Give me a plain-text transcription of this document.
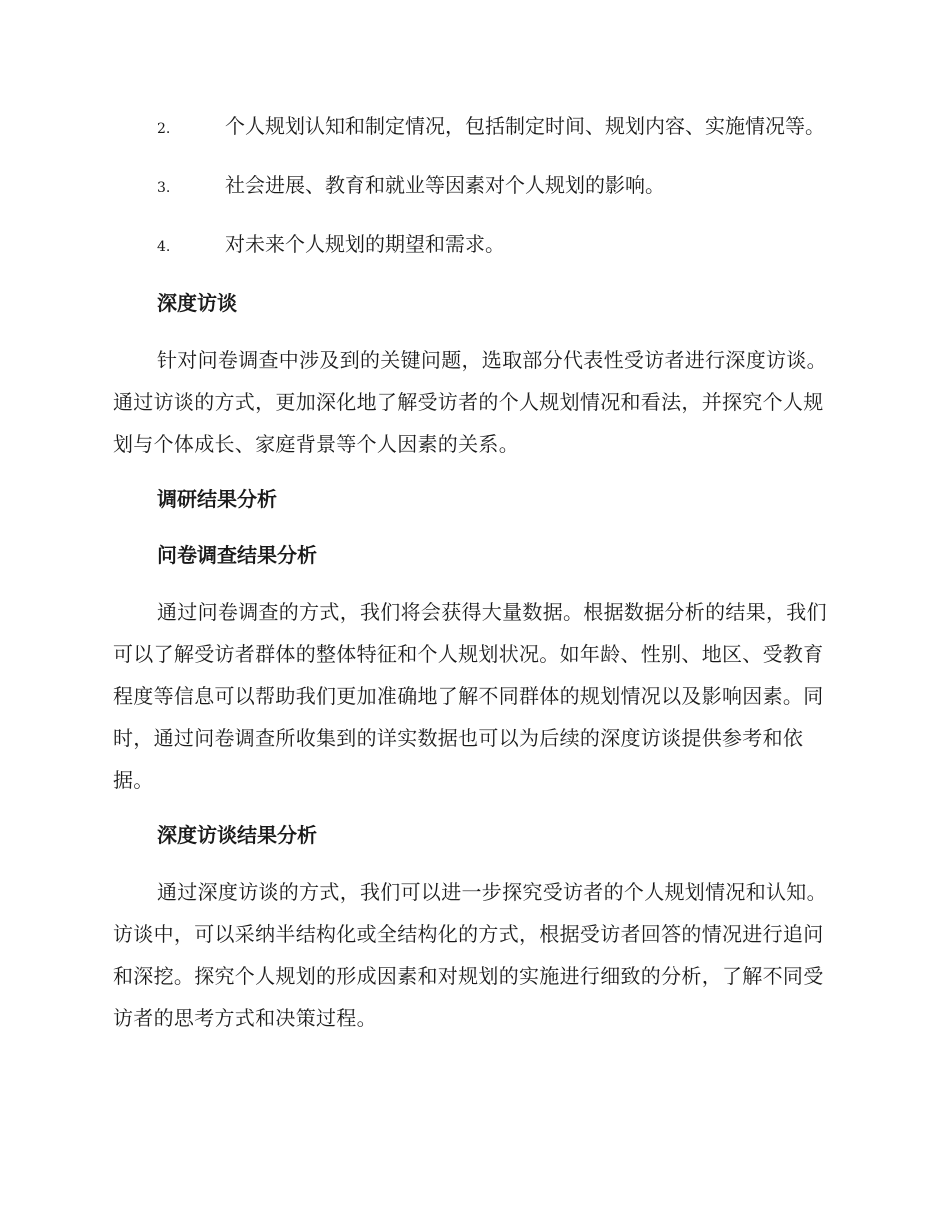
2.	个人规划认知和制定情况，包括制定时间、规划内容、实施情况等。
3.	社会进展、教育和就业等因素对个人规划的影响。
4.	对未来个人规划的期望和需求。
深度访谈

针对问卷调查中涉及到的关键问题，选取部分代表性受访者进行深度访谈。通过访谈的方式，更加深化地了解受访者的个人规划情况和看法，并探究个人规划与个体成长、家庭背景等个人因素的关系。

调研结果分析
问卷调查结果分析

通过问卷调查的方式，我们将会获得大量数据。根据数据分析的结果，我们可以了解受访者群体的整体特征和个人规划状况。如年龄、性别、地区、受教育程度等信息可以帮助我们更加准确地了解不同群体的规划情况以及影响因素。同时，通过问卷调查所收集到的详实数据也可以为后续的深度访谈提供参考和依据。

深度访谈结果分析

通过深度访谈的方式，我们可以进一步探究受访者的个人规划情况和认知。访谈中，可以采纳半结构化或全结构化的方式，根据受访者回答的情况进行追问和深挖。探究个人规划的形成因素和对规划的实施进行细致的分析，了解不同受访者的思考方式和决策过程。
